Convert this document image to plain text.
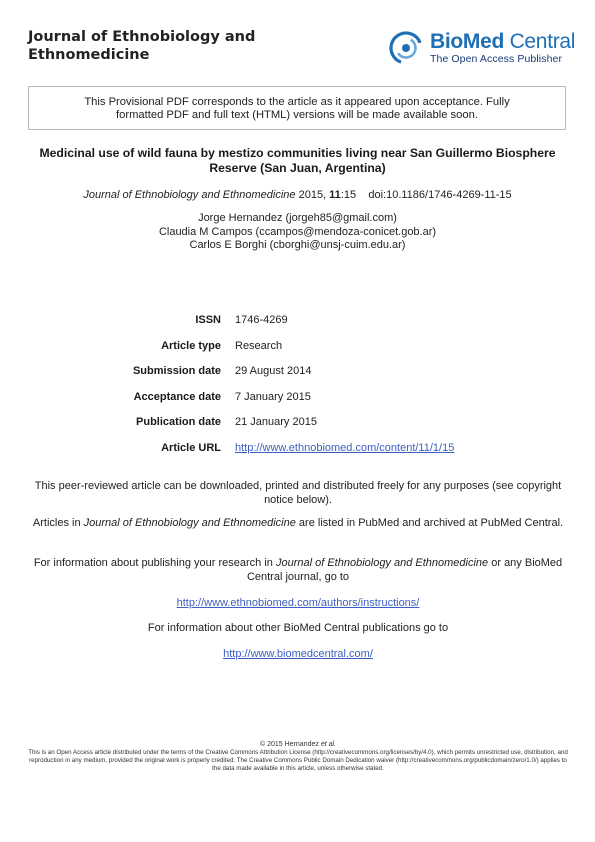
Journal of Ethnobiology and
Ethnomedicine
BioMed Central
The Open Access Publisher
This Provisional PDF corresponds to the article as it appeared upon acceptance. Fully formatted PDF and full text (HTML) versions will be made available soon.
Medicinal use of wild fauna by mestizo communities living near San Guillermo Biosphere Reserve (San Juan, Argentina)
Journal of Ethnobiology and Ethnomedicine 2015, 11:15 doi:10.1186/1746-4269-11-15
Jorge Hernandez (jorgeh85@gmail.com)
Claudia M Campos (ccampos@mendoza-conicet.gob.ar)
Carlos E Borghi (cborghi@unsj-cuim.edu.ar)
ISSN 1746-4269
Article type Research
Submission date 29 August 2014
Acceptance date 7 January 2015
Publication date 21 January 2015
Article URL http://www.ethnobiomed.com/content/11/1/15
This peer-reviewed article can be downloaded, printed and distributed freely for any purposes (see copyright notice below).
Articles in Journal of Ethnobiology and Ethnomedicine are listed in PubMed and archived at PubMed Central.
For information about publishing your research in Journal of Ethnobiology and Ethnomedicine or any BioMed Central journal, go to
http://www.ethnobiomed.com/authors/instructions/
For information about other BioMed Central publications go to
http://www.biomedcentral.com/
© 2015 Hernandez et al.
This is an Open Access article distributed under the terms of the Creative Commons Attribution License (http://creativecommons.org/licenses/by/4.0), which permits unrestricted use, distribution, and reproduction in any medium, provided the original work is properly credited. The Creative Commons Public Domain Dedication waiver (http://creativecommons.org/publicdomain/zero/1.0/) applies to the data made available in this article, unless otherwise stated.
